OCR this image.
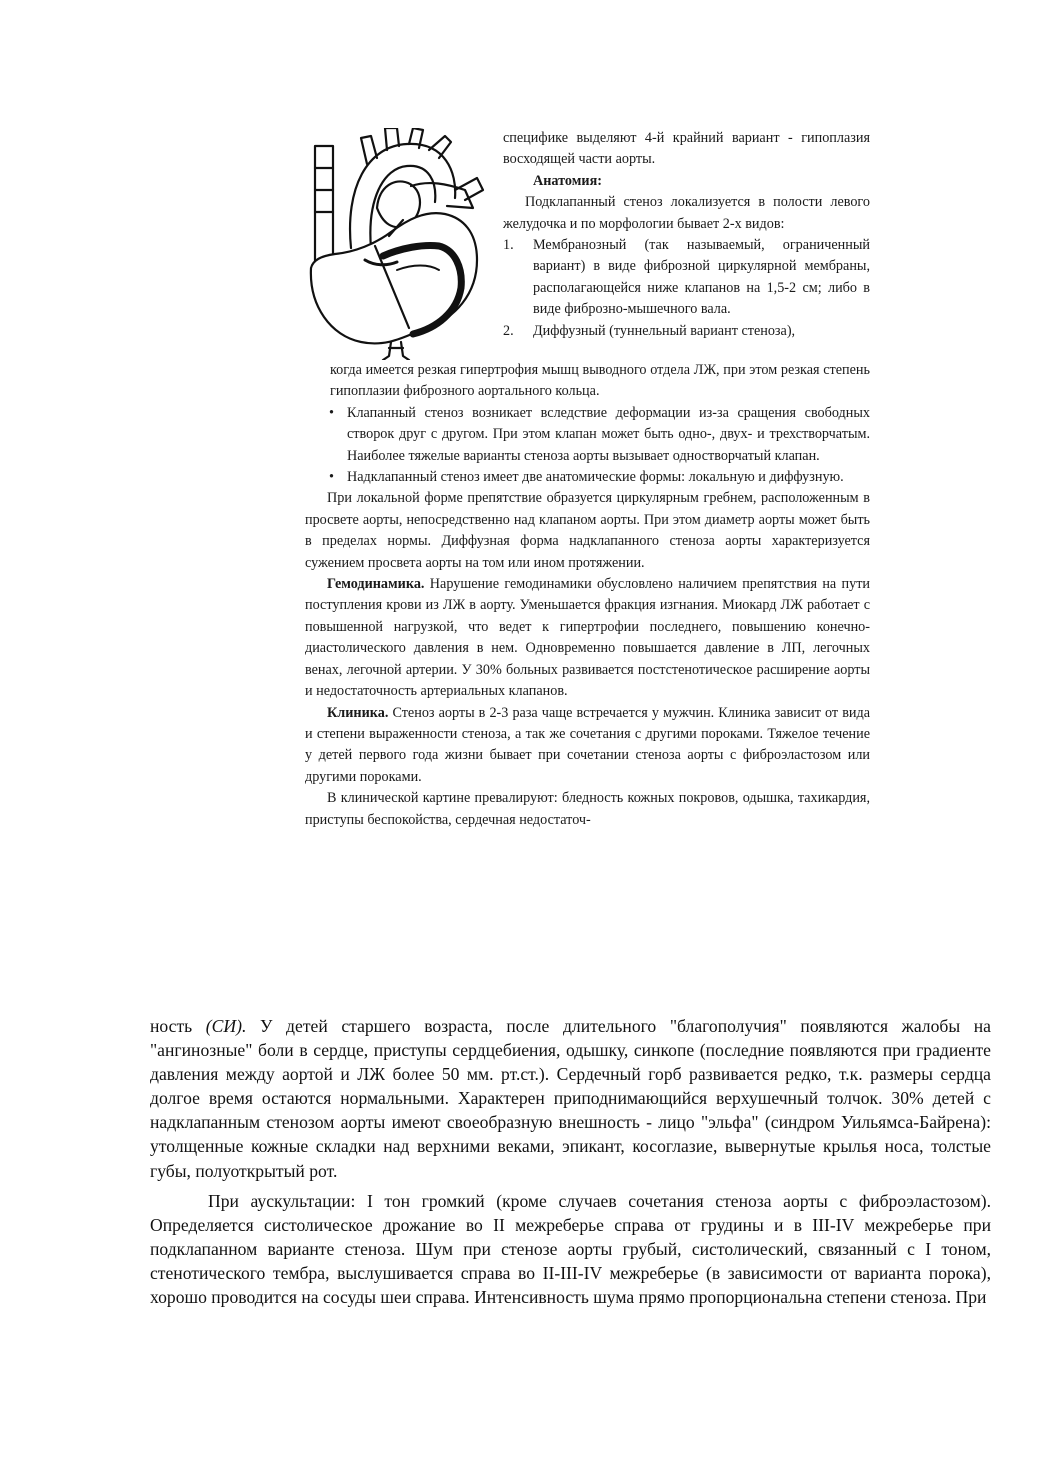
специфике выделяют 4-й крайний вариант - гипоплазия восходящей части аорты.

Анатомия:

Подклапанный стеноз локализуется в полости левого желудочка и по морфологии бывает 2-х видов:

1.	Мембранозный (так называемый, ограниченный вариант) в виде фиброзной циркулярной мембраны, располагающейся ниже клапанов на 1,5-2 см; либо в виде фиброзно-мышечного вала.
2.	Диффузный (туннельный вариант стеноза),

когда имеется резкая гипертрофия мышц выводного отдела ЛЖ, при этом резкая степень гипоплазии фиброзного аортального кольца.

• Клапанный стеноз возникает вследствие деформации из-за сращения свободных створок друг с другом. При этом клапан может быть одно-, двух- и трехстворчатым. Наиболее тяжелые варианты стеноза аорты вызывает одностворчатый клапан.
• Надклапанный стеноз имеет две анатомические формы: локальную и диффузную.

При локальной форме препятствие образуется циркулярным гребнем, расположенным в просвете аорты, непосредственно над клапаном аорты. При этом диаметр аорты может быть в пределах нормы. Диффузная форма надклапанного стеноза аорты характеризуется сужением просвета аорты на том или ином протяжении.

Гемодинамика. Нарушение гемодинамики обусловлено наличием препятствия на пути поступления крови из ЛЖ в аорту. Уменьшается фракция изгнания. Миокард ЛЖ работает с повышенной нагрузкой, что ведет к гипертрофии последнего, повышению конечно-диастолического давления в нем. Одновременно повышается давление в ЛП, легочных венах, легочной артерии. У 30% больных развивается постстенотическое расширение аорты и недостаточность артериальных клапанов.

Клиника. Стеноз аорты в 2-3 раза чаще встречается у мужчин. Клиника зависит от вида и степени выраженности стеноза, а так же сочетания с другими пороками. Тяжелое течение у детей первого года жизни бывает при сочетании стеноза аорты с фиброэластозом или другими пороками.

В клинической картине превалируют: бледность кожных покровов, одышка, тахикардия, приступы беспокойства, сердечная недостаточ-

ность (СИ). У детей старшего возраста, после длительного "благополучия" появляются жалобы на "ангинозные" боли в сердце, приступы сердцебиения, одышку, синкопе (последние появляются при градиенте давления между аортой и ЛЖ более 50 мм. рт.ст.). Сердечный горб развивается редко, т.к. размеры сердца долгое время остаются нормальными. Характерен приподнимающийся верхушечный толчок. 30% детей с надклапанным стенозом аорты имеют своеобразную внешность - лицо "эльфа" (синдром Уильямса-Байрена): утолщенные кожные складки над верхними веками, эпикант, косоглазие, вывернутые крылья носа, толстые губы, полуоткрытый рот.

При аускультации: I тон громкий (кроме случаев сочетания стеноза аорты с фиброэластозом). Определяется систолическое дрожание во II межреберье справа от грудины и в III-IV межреберье при подклапанном варианте стеноза. Шум при стенозе аорты грубый, систолический, связанный с I тоном, стенотического тембра, выслушивается справа во II-III-IV межреберье (в зависимости от варианта порока), хорошо проводится на сосуды шеи справа. Интенсивность шума прямо пропорциональна степени стеноза. При
